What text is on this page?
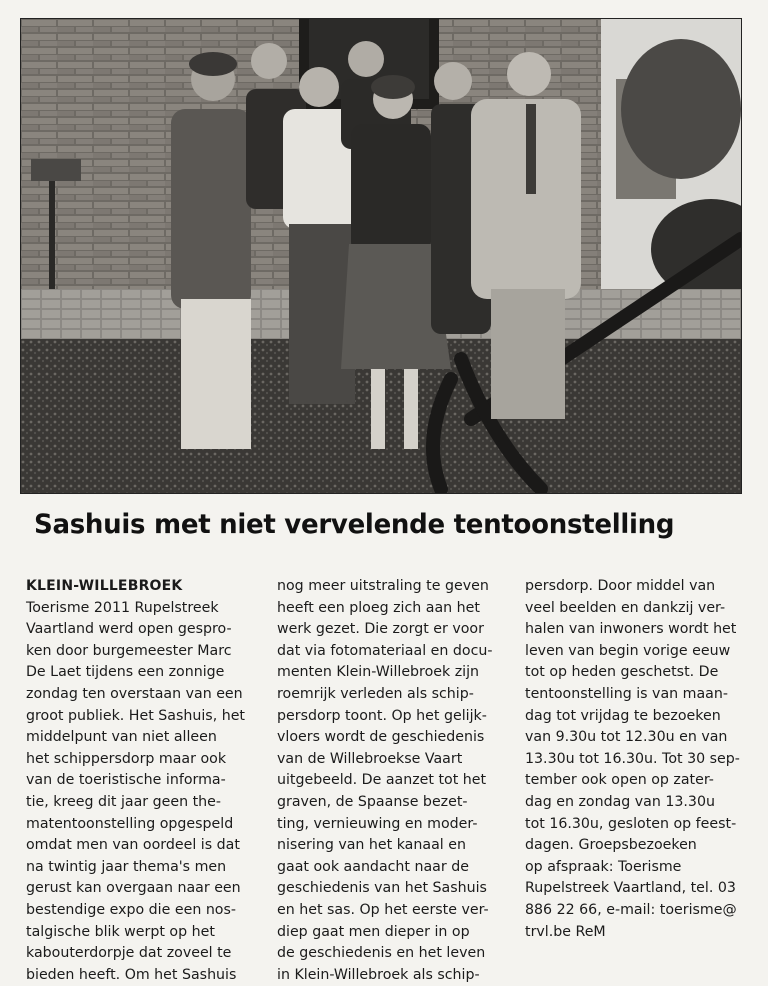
Sashuis met niet vervelende tentoonstelling
KLEIN-WILLEBROEK
Toerisme 2011 Rupelstreek
Vaartland werd open gespro-
ken door burgemeester Marc
De Laet tijdens een zonnige
zondag ten overstaan van een
groot publiek. Het Sashuis, het
middelpunt van niet alleen
het schippersdorp maar ook
van de toeristische informa-
tie, kreeg dit jaar geen the-
matentoonstelling opgespeld
omdat men van oordeel is dat
na twintig jaar thema's men
gerust kan overgaan naar een
bestendige expo die een nos-
talgische blik werpt op het
kabouterdorpje dat zoveel te
bieden heeft. Om het Sashuis
nog meer uitstraling te geven
heeft een ploeg zich aan het
werk gezet. Die zorgt er voor
dat via fotomateriaal en docu-
menten Klein-Willebroek zijn
roemrijk verleden als schip-
persdorp toont. Op het gelijk-
vloers wordt de geschiedenis
van de Willebroekse Vaart
uitgebeeld. De aanzet tot het
graven, de Spaanse bezet-
ting, vernieuwing en moder-
nisering van het kanaal en
gaat ook aandacht naar de
geschiedenis van het Sashuis
en het sas. Op het eerste ver-
diep gaat men dieper in op
de geschiedenis en het leven
in Klein-Willebroek als schip-
persdorp. Door middel van
veel beelden en dankzij ver-
halen van inwoners wordt het
leven van begin vorige eeuw
tot op heden geschetst. De
tentoonstelling is van maan-
dag tot vrijdag te bezoeken
van 9.30u tot 12.30u en van
13.30u tot 16.30u. Tot 30 sep-
tember ook open op zater-
dag en zondag van 13.30u
tot 16.30u, gesloten op feest-
dagen. Groepsbezoeken
op afspraak: Toerisme
Rupelstreek Vaartland, tel. 03
886 22 66, e-mail: toerisme@
trvl.be ReM
